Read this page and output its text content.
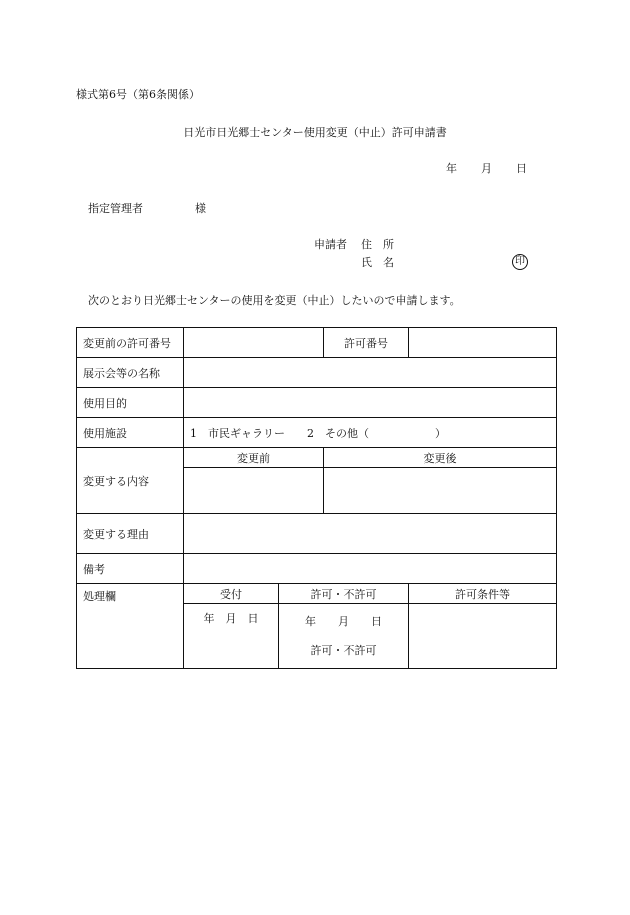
様式第6号（第6条関係）
日光市日光郷士センター使用変更（中止）許可申請書
年 月 日
指定管理者	様
申請者 住　所
氏　名	印
次のとおり日光郷士センターの使用を変更（中止）したいので申請します。
変更前の許可番号			許可番号	
展示会等の名称				
使用目的				
使用施設	1　市民ギャラリー　　2　その他（　　　　　　）			
変更する内容	変更前		変更後	

変更する理由				
備考				
処理欄	受付	許可・不許可		許可条件等
	年　月　日	年　　月　　日
許可・不許可		
